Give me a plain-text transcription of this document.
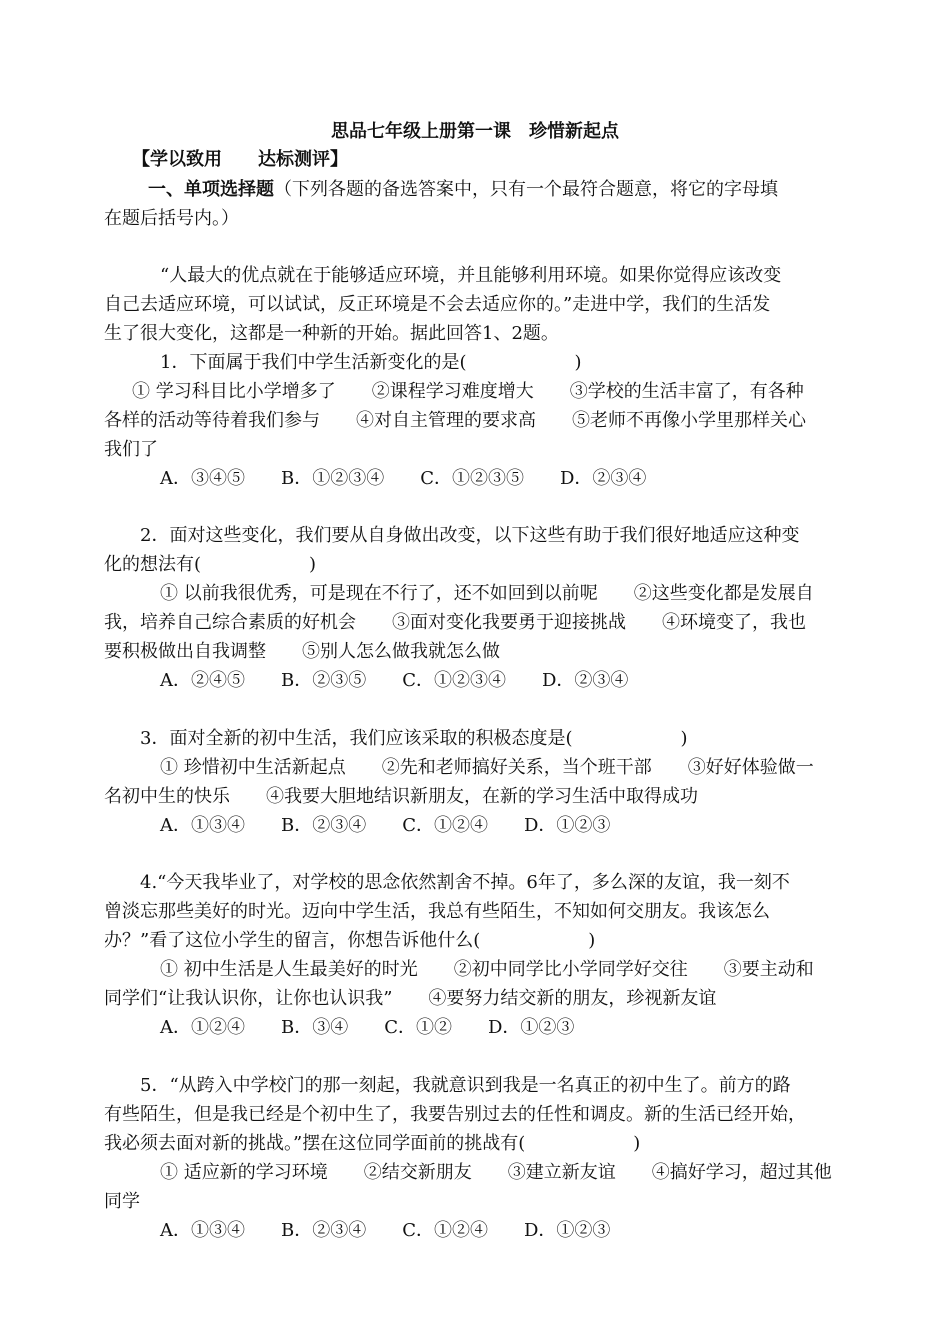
思品七年级上册第一课　珍惜新起点
【学以致用　　达标测评】
一、单项选择题（下列各题的备选答案中，只有一个最符合题意，将它的字母填
在题后括号内。）
“人最大的优点就在于能够适应环境，并且能够利用环境。如果你觉得应该改变
自己去适应环境，可以试试，反正环境是不会去适应你的。”走进中学，我们的生活发
生了很大变化，这都是一种新的开始。据此回答1、2题。
1．下面属于我们中学生活新变化的是(　　　　　　)
① 学习科目比小学增多了　　②课程学习难度增大　　③学校的生活丰富了，有各种
各样的活动等待着我们参与　　④对自主管理的要求高　　⑤老师不再像小学里那样关心
我们了
A．③④⑤　　B．①②③④　　C．①②③⑤　　D．②③④
2．面对这些变化，我们要从自身做出改变，以下这些有助于我们很好地适应这种变
化的想法有(　　　　　　)
① 以前我很优秀，可是现在不行了，还不如回到以前呢　　②这些变化都是发展自
我，培养自己综合素质的好机会　　③面对变化我要勇于迎接挑战　　④环境变了，我也
要积极做出自我调整　　⑤别人怎么做我就怎么做
A．②④⑤　　B．②③⑤　　C．①②③④　　D．②③④
3．面对全新的初中生活，我们应该采取的积极态度是(　　　　　　)
① 珍惜初中生活新起点　　②先和老师搞好关系，当个班干部　　③好好体验做一
名初中生的快乐　　④我要大胆地结识新朋友，在新的学习生活中取得成功
A．①③④　　B．②③④　　C．①②④　　D．①②③
4.“今天我毕业了，对学校的思念依然割舍不掉。6年了，多么深的友谊，我一刻不
曾淡忘那些美好的时光。迈向中学生活，我总有些陌生，不知如何交朋友。我该怎么
办？”看了这位小学生的留言，你想告诉他什么(　　　　　　)
① 初中生活是人生最美好的时光　　②初中同学比小学同学好交往　　③要主动和
同学们“让我认识你，让你也认识我”　　④要努力结交新的朋友，珍视新友谊
A．①②④　　B．③④　　C．①②　　D．①②③
5．“从跨入中学校门的那一刻起，我就意识到我是一名真正的初中生了。前方的路
有些陌生，但是我已经是个初中生了，我要告别过去的任性和调皮。新的生活已经开始，
我必须去面对新的挑战。”摆在这位同学面前的挑战有(　　　　　　)
① 适应新的学习环境　　②结交新朋友　　③建立新友谊　　④搞好学习，超过其他
同学
A．①③④　　B．②③④　　C．①②④　　D．①②③
